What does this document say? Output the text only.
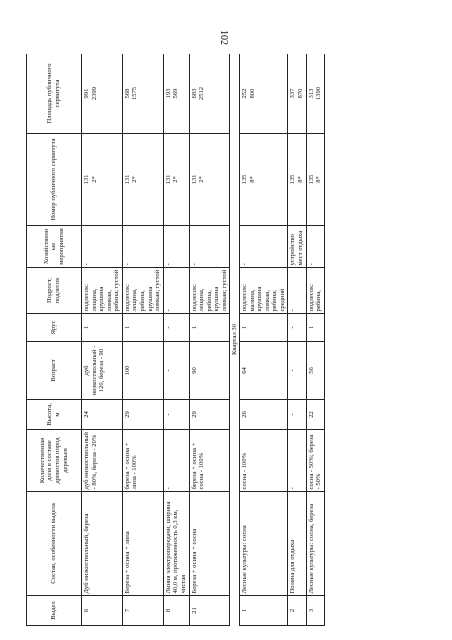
102
Выдел	Состав, особенности выдела	Количественная доля в составе древостоя пород деревьев	Высота, м	Возраст	Ярус	Подрост, подлесок	Хозяйственные мероприятия	Номер публичного сервитута	Площадь публичного сервитута
6	Дуб низкоствольный, береза	дуб низкоствольный - 80%, береза - 20%	24	дуб низкоствольный - 120, береза - 90	1	подлесок: лещина, крушина ломкая, рябина; густой	-	131 2*	991 2399

7	Береза + осина + липа	береза + осина + липа - 100%	29	100	1	подлесок: лещина, рябина, крушина ломкая; густой	-	131 2*	568 1575

8	Линия электропередачи, ширина 40,0 м, протяженность 0,3 км, чистая	-	-	-	-	-	-	131 2*	193 569

21	Береза + осина + сосна	береза + осина + сосна - 100%	29	90	1	подлесок: лещина, рябина, крушина ломкая; густой	-	131 2*	683 2512

Квартал 30									
1	Лесные культуры: сосна	сосна - 100%	26	64	1	подлесок: малина, крушина ломкая, рябина; средний	-	135 8*	252 800

2	Поляна для отдыха	-	-	-	-	-	устройство мест отдыха	135 8*	337 870

3	Лесные культуры: сосна, береза	сосна - 50%; береза - 50%	22	56	1	подлесок: рябина,	-	135 8*	313 1390
